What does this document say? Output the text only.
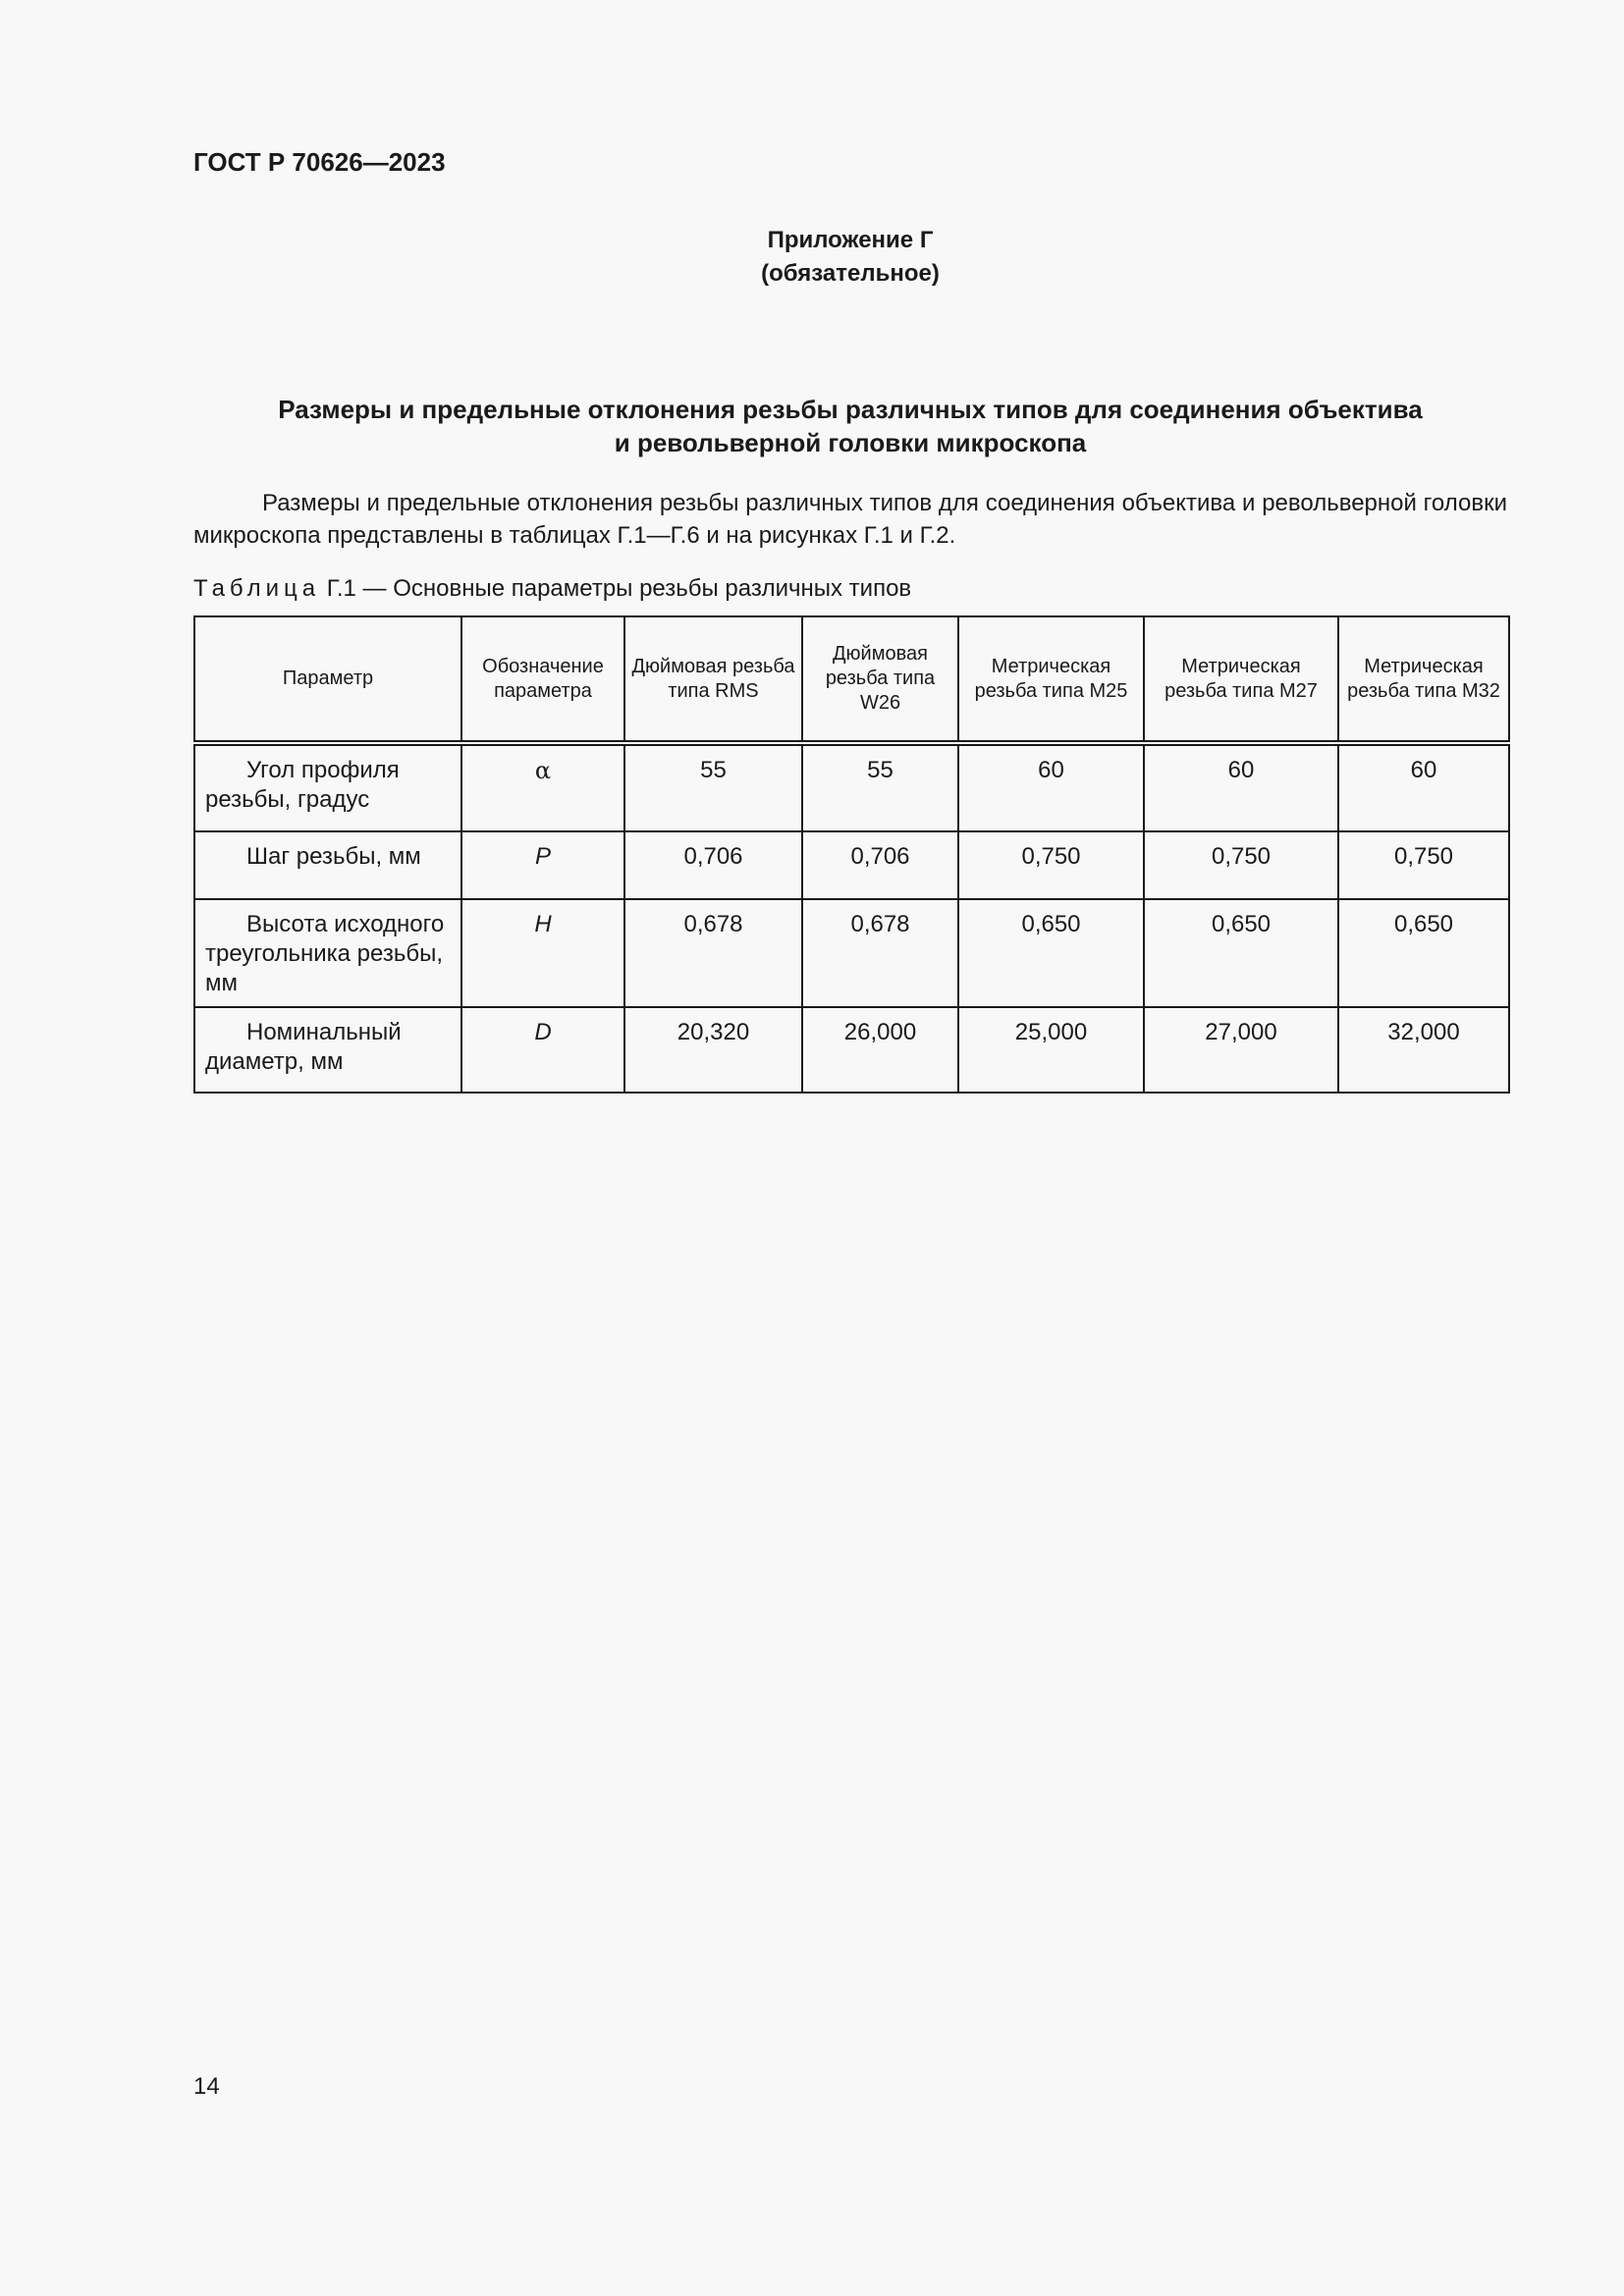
ГОСТ Р 70626—2023
Приложение Г
(обязательное)
Размеры и предельные отклонения резьбы различных типов для соединения объектива
и револьверной головки микроскопа

Размеры и предельные отклонения резьбы различных типов для соединения объектива и револьверной головки микроскопа представлены в таблицах Г.1—Г.6 и на рисунках Г.1 и Г.2.

Таблица Г.1 — Основные параметры резьбы различных типов

Параметр	Обозначение параметра	Дюймовая резьба типа RMS	Дюймовая резьба типа W26	Метрическая резьба типа М25	Метрическая резьба типа М27	Метрическая резьба типа М32
Угол профиля резьбы, градус	α	55	55	60	60	60
Шаг резьбы, мм	P	0,706	0,706	0,750	0,750	0,750
Высота исходного треугольника резьбы, мм	H	0,678	0,678	0,650	0,650	0,650
Номинальный диаметр, мм	D	20,320	26,000	25,000	27,000	32,000

14
